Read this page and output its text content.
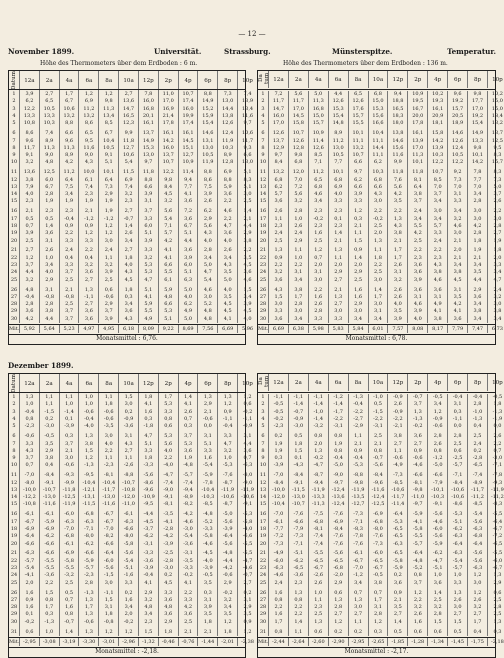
— 12 —
November 1899.	Universität.	Strassburg.	Münsterspitze.	Temperatur.
Höhe des Thermometers über dem Erdboden : 6 m.	Höhe des Thermometers über dem Erdboden : 136 m.
Datum	12a	2a	4a	6a	8a	10a	12p	2p	4p	6p	8p	10p
1	3,9	2,7	1,7	1,2	1,2	2,7	7,8	11,0	10,7	8,8	7,3	7,4
2	6,2	6,5	6,7	6,9	9,8	13,6	16,0	17,0	17,4	14,9	13,0	13,9
3	12,2	10,5	10,6	11,2	11,3	14,7	16,8	16,9	16,0	15,2	14,4	13,4
4	13,3	13,3	13,2	13,2	13,4	16,5	20,1	21,4	19,9	15,9	13,8	11,6
5	10,8	10,3	8,8	8,6	8,5	12,3	16,1	17,8	17,4	15,4	12,6	9,7
6	8,6	7,4	6,6	6,5	6,7	9,9	13,7	16,1	16,1	14,6	12,4	10,6
7	9,6	8,9	9,6	9,5	10,4	11,8	14,9	14,2	14,5	13,1	11,9	11,7
8	11,7	11,3	11,3	11,6	10,5	12,7	15,3	16,0	15,1	13,0	10,3	9,3
9	9,1	9,0	8,9	9,0	9,1	10,6	13,0	13,7	12,7	10,5	8,9	6,6
10	3,2	4,8	4,2	4,3	5,1	5,4	9,7	10,7	10,9	11,9	12,8	13,0
11	13,6	12,5	11,2	10,0	10,1	11,5	11,8	12,2	11,4	8,8	6,9	5,1
12	3,8	6,0	6,4	6,1	6,4	6,9	8,8	9,8	9,4	8,6	8,8	8,3
13	7,9	6,7	7,5	7,4	7,3	7,4	6,6	8,4	7,7	7,5	5,9	5,1
14	4,0	2,8	3,4	2,3	2,9	3,2	3,9	4,5	4,1	3,9	3,6	3,0
15	2,3	1,9	1,9	1,9	1,9	2,3	3,1	3,2	3,6	2,6	2,2	2,5
16	2,1	2,3	2,3	2,1	1,9	2,7	3,7	5,6	7,2	6,2	4,6	1,4
17	0,5	0,5	-0,4	-1,2	-1,2	-0,7	3,3	5,4	3,6	2,9	2,2	2,1
18	0,7	1,4	0,9	0,9	1,2	1,4	6,0	7,1	6,7	5,6	4,7	4,4
19	3,9	3,6	2,2	1,2	1,2	2,6	5,1	5,7	5,1	4,3	3,6	2,9
20	2,5	3,1	3,3	3,3	3,0	3,4	3,9	4,2	4,4	4,0	4,0	3,8
21	2,7	2,6	2,4	2,2	2,4	2,7	3,3	4,1	3,6	2,8	2,6	2,2
22	1,2	1,0	0,4	0,4	1,1	1,8	3,2	4,1	3,9	3,4	3,4	3,5
23	3,7	3,4	3,3	3,2	3,2	4,0	5,3	6,6	6,0	5,0	4,3	4,5
24	4,4	4,0	3,7	3,6	3,9	4,3	5,3	5,5	5,1	4,7	3,5	3,6
25	3,2	2,9	2,5	2,7	2,5	4,5	4,7	6,1	6,3	5,4	5,0	4,6
26	4,8	3,1	2,1	1,3	0,6	1,8	5,1	5,9	5,0	4,6	4,0	1,5
27	-0,4	-0,8	-0,8	-1,1	-0,6	0,3	4,1	4,8	4,0	3,0	3,5	3,4
28	2,8	2,8	2,5	2,7	2,9	3,4	5,9	6,6	6,2	5,2	4,5	3,9
29	3,6	3,8	3,7	3,6	3,7	3,6	5,5	5,3	4,9	4,8	4,5	4,5
30	4,2	4,4	3,7	3,6	3,9	4,3	4,9	5,1	5,0	4,8	4,1	4,0
Mit.	5,92	5,64	5,23	4,97	4,95	6,18	8,09	9,22	8,69	7,56	6,69	5,96
Monatsmittel : 6,76.
Da tum	12a	2a	4a	6a	8a	10a	12p	2p	4p	6p	8p	10p
1	7,2	5,6	5,0	4,4	6,5	6,8	9,4	10,9	10,2	9,6	9,8	10,2
2	11,7	11,7	11,3	12,6	12,6	15,0	18,8	19,5	19,3	19,2	17,7	15,0
3	14,7	17,0	16,8	15,3	17,6	15,3	16,5	16,7	16,1	15,7	17,0	15,0
4	16,0	14,5	15,0	15,4	15,7	15,6	18,3	20,0	20,9	20,5	19,2	18,4
5	17,0	15,8	15,7	14,8	15,5	16,6	18,0	17,8	18,1	18,9	15,4	13,2
6	12,6	10,7	10,9	8,9	10,1	10,4	13,8	16,1	15,8	14,6	14,9	13,7
7	13,7	12,6	11,4	11,2	11,1	11,1	14,6	13,9	14,2	12,6	13,3	12,5
8	12,9	12,8	12,6	13,0	13,2	14,4	15,6	17,0	13,9	12,4	9,8	9,5
9	9,7	9,8	8,5	10,5	10,7	11,1	11,6	11,3	10,3	10,5	10,1	8,3
10	8,4	6,8	7,1	7,7	6,6	6,2	9,9	10,1	12,2	12,2	14,2	15,7
11	13,2	12,0	11,2	10,1	9,7	10,3	11,8	11,8	10,7	9,2	7,8	8,3
12	6,8	7,0	6,5	6,8	6,2	6,8	7,6	8,1	8,5	7,3	7,7	7,3
13	6,2	7,2	6,8	6,9	6,6	6,6	5,6	6,4	7,0	7,0	7,0	5,0
14	5,7	5,6	4,6	4,0	3,9	4,3	4,2	3,8	3,7	3,1	3,4	3,7
15	3,6	3,2	3,4	3,3	3,3	3,0	3,5	3,7	3,4	3,3	2,8	2,6
16	2,6	2,8	2,3	2,3	1,2	2,2	2,2	2,4	3,0	3,4	3,0	2,2
17	1,1	1,0	-0,2	0,1	0,3	-0,2	1,3	3,4	3,4	3,2	3,0	3,0
18	2,3	2,6	2,3	2,3	2,1	2,5	4,3	5,5	5,7	4,6	4,2	2,8
19	2,4	2,4	1,6	1,4	1,1	2,0	3,8	4,2	3,3	3,0	2,8	2,7
20	2,5	2,9	2,5	2,1	1,5	1,3	2,1	2,5	2,4	2,1	1,8	1,9
21	1,3	1,1	1,2	1,3	0,9	1,1	1,7	2,2	2,2	2,0	1,9	1,8
22	0,9	1,0	0,7	1,1	1,4	1,8	1,7	2,3	2,3	2,1	2,1	2,0
23	2,2	2,2	2,0	2,0	2,0	2,2	2,6	3,6	4,3	3,4	3,4	3,3
24	3,2	3,1	3,1	2,9	2,9	2,5	3,1	3,6	3,8	3,8	3,5	3,4
25	3,6	3,4	3,0	2,7	2,5	3,0	3,2	3,9	4,6	4,5	4,4	4,7
26	4,3	3,8	2,2	2,1	1,6	1,4	2,6	3,6	3,6	3,1	2,9	2,4
27	1,5	1,7	1,6	1,3	1,6	1,7	2,6	3,1	3,1	3,5	3,6	3,2
28	3,0	2,8	2,6	2,7	2,9	3,0	4,0	4,6	4,9	4,2	3,4	3,0
29	3,3	3,0	2,8	3,0	3,0	3,1	3,5	3,9	4,1	4,1	3,8	3,8
30	3,6	3,4	3,3	3,3	3,4	3,4	3,9	4,0	3,8	3,6	3,4	3,4
Mit.	6,69	6,38	5,98	5,83	5,84	6,01	7,57	8,08	8,17	7,79	7,47	6,73
Monatsmittel : 6,78.
Dezember 1899.
Datum	12a	2a	4a	6a	8a	10a	12p	2p	4p	6p	8p	10p
1	1,3	1,1	1,1	1,0	1,1	1,5	1,8	1,7	1,4	1,3	1,3	1,2
2	1,0	1,1	1,0	1,0	1,8	3,0	4,1	5,3	4,1	2,9	1,2	0,6
3	-0,4	-1,5	-1,4	-0,6	-0,6	0,2	1,6	3,3	2,6	2,1	0,9	-0,2
4	0,8	0,2	0,1	-0,4	-0,6	-0,9	0,3	0,8	0,7	-0,6	-1,1	-1,1
5	-2,3	-3,0	-3,9	-4,0	-3,5	-3,6	-1,8	0,6	0,3	0,0	-0,4	-0,9
6	-0,6	-0,5	0,3	1,3	3,0	3,1	4,7	5,3	3,7	3,1	3,3	3,1
7	3,3	3,5	3,7	3,8	4,0	4,3	5,1	5,6	5,3	5,1	4,7	4,4
8	4,3	2,9	2,1	1,5	2,2	2,7	3,3	4,0	3,6	3,3	3,2	3,6
9	3,7	3,8	3,0	1,2	1,1	1,1	1,8	2,2	1,9	1,6	1,0	0,7
10	0,7	0,4	-0,6	-1,3	-2,3	-2,6	-3,3	-4,0	-4,8	-5,4	-5,3	-6,3
11	-7,0	-8,4	-9,3	-9,5	-8,1	-8,8	-5,6	-4,7	-5,7	-5,9	-7,6	-8,0
12	-8,0	-9,1	-9,9	-10,4	-10,4	-10,7	-8,6	-7,4	-7,4	-7,8	-8,7	-9,0
13	-10,0	-10,7	-11,8	-12,1	-11,7	-10,8	-9,6	-9,0	-9,4	-10,4	-11,9	-11,9
14	-12,2	-13,0	-12,5	-13,1	-13,0	-12,0	-10,9	-9,1	-8,9	-10,3	-10,6	-10,6
15	-10,8	-11,6	-11,9	-11,5	-11,6	-11,0	-9,5	-8,1	-8,2	-8,5	-8,7	-9,1
16	-6,1	-6,1	-6,0	-6,8	-6,7	-6,1	-4,4	-3,5	-4,2	-4,8	-5,0	-5,3
17	-6,7	-5,9	-6,3	-6,3	-6,7	-6,3	-4,5	-4,1	-4,6	-5,2	-5,6	-5,8
18	-6,9	-6,9	-7,0	-7,1	-7,0	-6,6	-3,7	-2,8	-3,0	-3,3	-3,9	-4,0
19	-6,4	-6,2	-6,8	-8,0	-8,2	-8,0	-6,2	-4,2	-5,4	-5,8	-6,4	-6,6
20	-6,6	-6,6	-6,1	-6,2	-6,6	-5,8	-3,1	-3,9	-3,6	-4,6	-5,6	-5,5
21	-6,3	-6,6	-6,9	-6,6	-6,4	-5,6	-3,3	-2,5	-3,1	-4,5	-4,8	-5,5
22	-5,7	-5,5	-5,8	-5,9	-6,0	-5,4	-3,6	-2,8	-3,5	-4,0	-4,4	-4,7
23	-5,4	-5,5	-5,5	-5,7	-5,6	-5,1	-3,9	-3,0	-3,3	-3,9	-4,2	-4,6
24	-4,1	-3,6	-3,2	-2,3	-1,5	-1,6	-0,4	0,2	-0,2	-0,5	-0,6	-0,7
25	2,0	2,2	2,5	2,8	3,0	3,3	4,1	4,5	4,1	3,5	2,9	2,7
26	1,6	1,5	0,5	-1,3	-1,1	0,2	2,9	3,3	2,2	0,3	-0,2	0,2
27	0,9	0,8	0,7	1,3	1,5	1,6	3,2	3,6	3,3	3,1	3,2	3,1
28	1,6	1,7	1,6	1,7	3,1	3,4	4,8	4,8	4,2	3,9	3,4	2,9
29	0,1	0,3	0,8	1,3	1,8	2,0	3,4	3,6	3,6	3,5	3,5	3,5
30	-0,2	-1,3	-0,7	-0,6	-0,8	-0,2	2,3	2,9	2,5	1,8	1,2	0,9
31	0,6	1,0	1,4	1,3	1,2	1,2	1,5	1,8	2,1	2,1	1,8	1,2
Mit.	-2,95	-3,08	-3,19	-3,30	-3,01	-2,96	-1,32	-0,46	-0,76	-1,44	-2,01	-2,38
Monatsmittel : -2,18.
Da tum	12a	2a	4a	6a	8a	10a	12p	2p	4p	6p	8p	10p
1	-1,1	-1,1	-1,1	-1,2	-1,3	-1,0	-0,9	-0,7	-0,5	-0,4	-0,4	-0,5
2	-0,5	-1,4	-1,4	-1,4	-0,4	0,5	2,6	3,7	3,4	3,1	2,8	1,8
3	-0,5	-0,7	-1,0	-1,7	-2,2	-1,5	-0,9	1,3	1,2	0,3	-1,0	-1,3
4	-0,2	-0,9	-1,4	-2,2	-2,7	-2,2	-2,2	-1,3	-0,9	-1,1	-1,3	-1,9
5	-2,3	-3,0	-3,2	-3,1	-2,9	-3,1	-2,1	-0,2	-0,6	0,0	0,4	0,0
6	0,2	0,5	0,8	0,8	1,1	2,5	3,8	3,6	2,8	2,8	2,5	2,6
7	1,9	1,8	2,0	1,9	2,1	2,1	2,7	2,7	2,6	2,5	2,4	2,2
8	1,9	1,5	1,3	0,8	0,9	0,8	1,1	0,9	0,8	0,6	0,2	0,7
9	0,3	0,1	-0,2	-0,4	-0,4	-0,7	-0,6	-0,6	-1,2	-2,5	-2,8	-3,0
10	-3,9	-4,3	-4,7	-5,0	-5,3	-5,6	-4,9	-4,6	-5,0	-5,7	-6,5	-7,1
11	-7,0	-8,4	-8,7	-9,0	-8,8	-8,4	-7,3	-6,6	-6,6	-7,1	-7,4	-7,8
12	-8,4	-9,1	-9,4	-9,7	-9,8	-9,6	-8,5	-8,1	-7,9	-8,4	-8,9	-9,3
13	-10,0	-11,5	-11,9	-12,4	-11,9	-11,6	-10,6	-9,8	-10,1	-10,6	-11,7	-11,9
14	-12,0	-13,0	-13,3	-13,6	-13,5	-12,4	-11,7	-11,0	-10,3	-10,6	-11,2	-11,2
15	-10,4	-10,7	-11,3	-12,4	-12,7	-12,5	-11,4	-9,7	-9,1	-8,6	-8,5	-8,3
16	-7,0	-7,6	-7,5	-7,6	-7,3	-6,9	-6,4	-5,9	-5,6	-5,3	-5,4	-5,5
17	-6,1	-6,6	-6,8	-6,9	-7,1	-6,8	-5,3	-4,1	-4,6	-5,1	-5,6	-6,4
18	-7,7	-7,9	-8,1	-8,4	-8,3	-8,0	-6,5	-5,8	-6,0	-6,2	-6,3	-6,7
19	-7,2	-7,3	-7,4	-7,6	-7,8	-7,6	-6,5	-5,5	-5,6	-6,3	-6,8	-7,2
20	-7,3	-7,1	-7,4	-7,6	-7,6	-7,3	-6,3	-5,7	-5,9	-6,4	-6,4	-6,5
21	-4,9	-5,1	-5,5	-5,6	-6,1	-6,0	-6,5	-6,4	-6,2	-6,3	-5,6	-5,5
22	-6,0	-6,2	-6,5	-6,5	-6,7	-6,5	-5,8	-4,8	-4,7	-5,4	-5,6	-6,0
23	-6,3	-6,5	-6,7	-6,8	-7,0	-6,7	-5,9	-5,2	-5,1	-5,7	-6,3	-6,7
24	-4,6	-3,6	-2,6	-2,0	-1,2	-0,5	0,2	0,8	1,0	1,0	1,2	1,3
25	2,4	2,3	2,6	2,9	3,4	3,8	3,6	3,7	3,6	3,3	3,0	2,9
26	1,6	1,3	1,0	0,6	0,7	0,7	0,9	1,2	1,4	1,3	1,2	0,6
27	0,8	0,8	1,1	1,3	1,3	1,7	2,1	2,2	2,5	2,6	2,6	2,5
28	2,2	2,2	2,3	2,8	3,0	3,1	3,5	3,2	3,2	3,0	3,2	2,8
29	1,6	2,2	2,5	2,7	2,7	2,8	2,7	2,6	2,8	2,7	2,7	2,5
30	1,7	1,4	1,3	1,2	1,1	1,2	1,4	1,6	1,5	1,5	1,7	1,3
31	0,8	1,1	0,6	0,2	0,2	0,3	0,5	0,6	0,6	0,5	0,4	0,3
Mit.	-2,44	-2,64	-2,60	-2,90	-2,95	-2,65	-1,85	-1,28	-1,34	-1,45	-1,75	-2,18
Monatsmittel : -2,17.
